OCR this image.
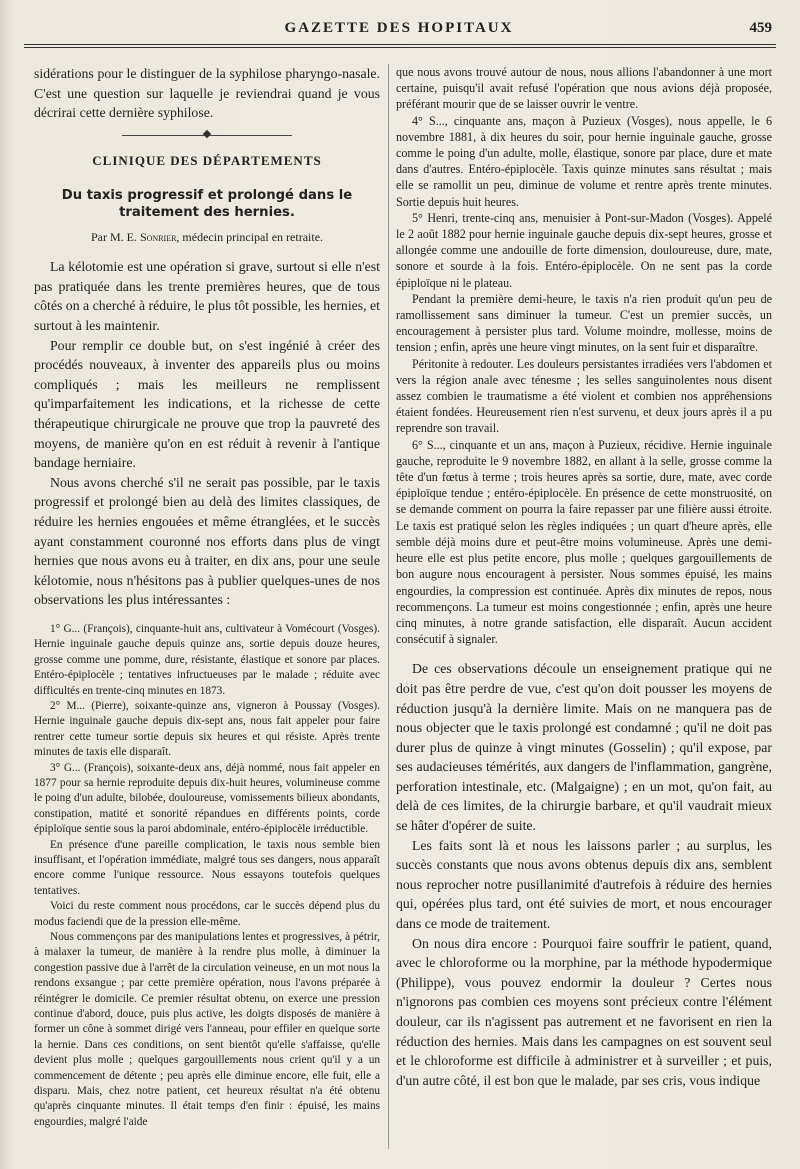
GAZETTE DES HOPITAUX	459

sidérations pour le distinguer de la syphilose pharyngo-nasale. C'est une question sur laquelle je reviendrai quand je vous décrirai cette dernière syphilose.

CLINIQUE DES DÉPARTEMENTS
Du taxis progressif et prolongé dans le traitement des hernies.
Par M. E. Sonrier, médecin principal en retraite.

La kélotomie est une opération si grave, surtout si elle n'est pas pratiquée dans les trente premières heures, que de tous côtés on a cherché à réduire, le plus tôt possible, les hernies, et surtout à les maintenir.

Pour remplir ce double but, on s'est ingénié à créer des procédés nouveaux, à inventer des appareils plus ou moins compliqués ; mais les meilleurs ne remplissent qu'imparfaitement les indications, et la richesse de cette thérapeutique chirurgicale ne prouve que trop la pauvreté des moyens, de manière qu'on en est réduit à revenir à l'antique bandage herniaire.

Nous avons cherché s'il ne serait pas possible, par le taxis progressif et prolongé bien au delà des limites classiques, de réduire les hernies engouées et même étranglées, et le succès ayant constamment couronné nos efforts dans plus de vingt hernies que nous avons eu à traiter, en dix ans, pour une seule kélotomie, nous n'hésitons pas à publier quelques-unes de nos observations les plus intéressantes :

1° G... (François), cinquante-huit ans, cultivateur à Vomécourt (Vosges). Hernie inguinale gauche depuis quinze ans, sortie depuis douze heures, grosse comme une pomme, dure, résistante, élastique et sonore par places. Entéro-épiplocèle ; tentatives infructueuses par le malade ; réduite avec difficultés en trente-cinq minutes en 1873.

2° M... (Pierre), soixante-quinze ans, vigneron à Poussay (Vosges). Hernie inguinale gauche depuis dix-sept ans, nous fait appeler pour faire rentrer cette tumeur sortie depuis six heures et qui résiste. Après trente minutes de taxis elle disparaît.

3° G... (François), soixante-deux ans, déjà nommé, nous fait appeler en 1877 pour sa hernie reproduite depuis dix-huit heures, volumineuse comme le poing d'un adulte, bilobée, douloureuse, vomissements bilieux abondants, constipation, matité et sonorité répandues en différents points, corde épiploïque sentie sous la paroi abdominale, entéro-épiplocèle irréductible.

En présence d'une pareille complication, le taxis nous semble bien insuffisant, et l'opération immédiate, malgré tous ses dangers, nous apparaît encore comme l'unique ressource. Nous essayons toutefois quelques tentatives.

Voici du reste comment nous procédons, car le succès dépend plus du modus faciendi que de la pression elle-même.

Nous commençons par des manipulations lentes et progressives, à pétrir, à malaxer la tumeur, de manière à la rendre plus molle, à diminuer la congestion passive due à l'arrêt de la circulation veineuse, en un mot nous la rendons exsangue ; par cette première opération, nous l'avons préparée à réintégrer le domicile. Ce premier résultat obtenu, on exerce une pression continue d'abord, douce, puis plus active, les doigts disposés de manière à former un cône à sommet dirigé vers l'anneau, pour effiler en quelque sorte la hernie. Dans ces conditions, on sent bientôt qu'elle s'affaisse, qu'elle devient plus molle ; quelques gargouillements nous crient qu'il y a un commencement de détente ; peu après elle diminue encore, elle fuit, elle a disparu. Mais, chez notre patient, cet heureux résultat n'a été obtenu qu'après cinquante minutes. Il était temps d'en finir : épuisé, les mains engourdies, malgré l'aide

que nous avons trouvé autour de nous, nous allions l'abandonner à une mort certaine, puisqu'il avait refusé l'opération que nous avions déjà proposée, préférant mourir que de se laisser ouvrir le ventre.

4° S..., cinquante ans, maçon à Puzieux (Vosges), nous appelle, le 6 novembre 1881, à dix heures du soir, pour hernie inguinale gauche, grosse comme le poing d'un adulte, molle, élastique, sonore par place, dure et mate dans d'autres. Entéro-épiplocèle. Taxis quinze minutes sans résultat ; mais elle se ramollit un peu, diminue de volume et rentre après trente minutes. Sortie depuis huit heures.

5° Henri, trente-cinq ans, menuisier à Pont-sur-Madon (Vosges). Appelé le 2 août 1882 pour hernie inguinale gauche depuis dix-sept heures, grosse et allongée comme une andouille de forte dimension, douloureuse, dure, mate, sonore et sourde à la fois. Entéro-épiplocèle. On ne sent pas la corde épiploïque ni le plateau.

Pendant la première demi-heure, le taxis n'a rien produit qu'un peu de ramollissement sans diminuer la tumeur. C'est un premier succès, un encouragement à persister plus tard. Volume moindre, mollesse, moins de tension ; enfin, après une heure vingt minutes, on la sent fuir et disparaître.

Péritonite à redouter. Les douleurs persistantes irradiées vers l'abdomen et vers la région anale avec ténesme ; les selles sanguinolentes nous disent assez combien le traumatisme a été violent et combien nos appréhensions étaient fondées. Heureusement rien n'est survenu, et deux jours après il a pu reprendre son travail.

6° S..., cinquante et un ans, maçon à Puzieux, récidive. Hernie inguinale gauche, reproduite le 9 novembre 1882, en allant à la selle, grosse comme la tête d'un fœtus à terme ; trois heures après sa sortie, dure, mate, avec corde épiploïque tendue ; entéro-épiplocèle. En présence de cette monstruosité, on se demande comment on pourra la faire repasser par une filière aussi étroite. Le taxis est pratiqué selon les règles indiquées ; un quart d'heure après, elle semble déjà moins dure et peut-être moins volumineuse. Après une demi-heure elle est plus petite encore, plus molle ; quelques gargouillements de bon augure nous encouragent à persister. Nous sommes épuisé, les mains engourdies, la compression est continuée. Après dix minutes de repos, nous recommençons. La tumeur est moins congestionnée ; enfin, après une heure cinq minutes, à notre grande satisfaction, elle disparaît. Aucun accident consécutif à signaler.

De ces observations découle un enseignement pratique qui ne doit pas être perdre de vue, c'est qu'on doit pousser les moyens de réduction jusqu'à la dernière limite. Mais on ne manquera pas de nous objecter que le taxis prolongé est condamné ; qu'il ne doit pas durer plus de quinze à vingt minutes (Gosselin) ; qu'il expose, par ses audacieuses témérités, aux dangers de l'inflammation, gangrène, perforation intestinale, etc. (Malgaigne) ; en un mot, qu'on fait, au delà de ces limites, de la chirurgie barbare, et qu'il vaudrait mieux se hâter d'opérer de suite.

Les faits sont là et nous les laissons parler ; au surplus, les succès constants que nous avons obtenus depuis dix ans, semblent nous reprocher notre pusillanimité d'autrefois à réduire des hernies qui, opérées plus tard, ont été suivies de mort, et nous encourager dans ce mode de traitement.

On nous dira encore : Pourquoi faire souffrir le patient, quand, avec le chloroforme ou la morphine, par la méthode hypodermique (Philippe), vous pouvez endormir la douleur ? Certes nous n'ignorons pas combien ces moyens sont précieux contre l'élément douleur, car ils n'agissent pas autrement et ne favorisent en rien la réduction des hernies. Mais dans les campagnes on est souvent seul et le chloroforme est difficile à administrer et à surveiller ; et puis, d'un autre côté, il est bon que le malade, par ses cris, vous indique
